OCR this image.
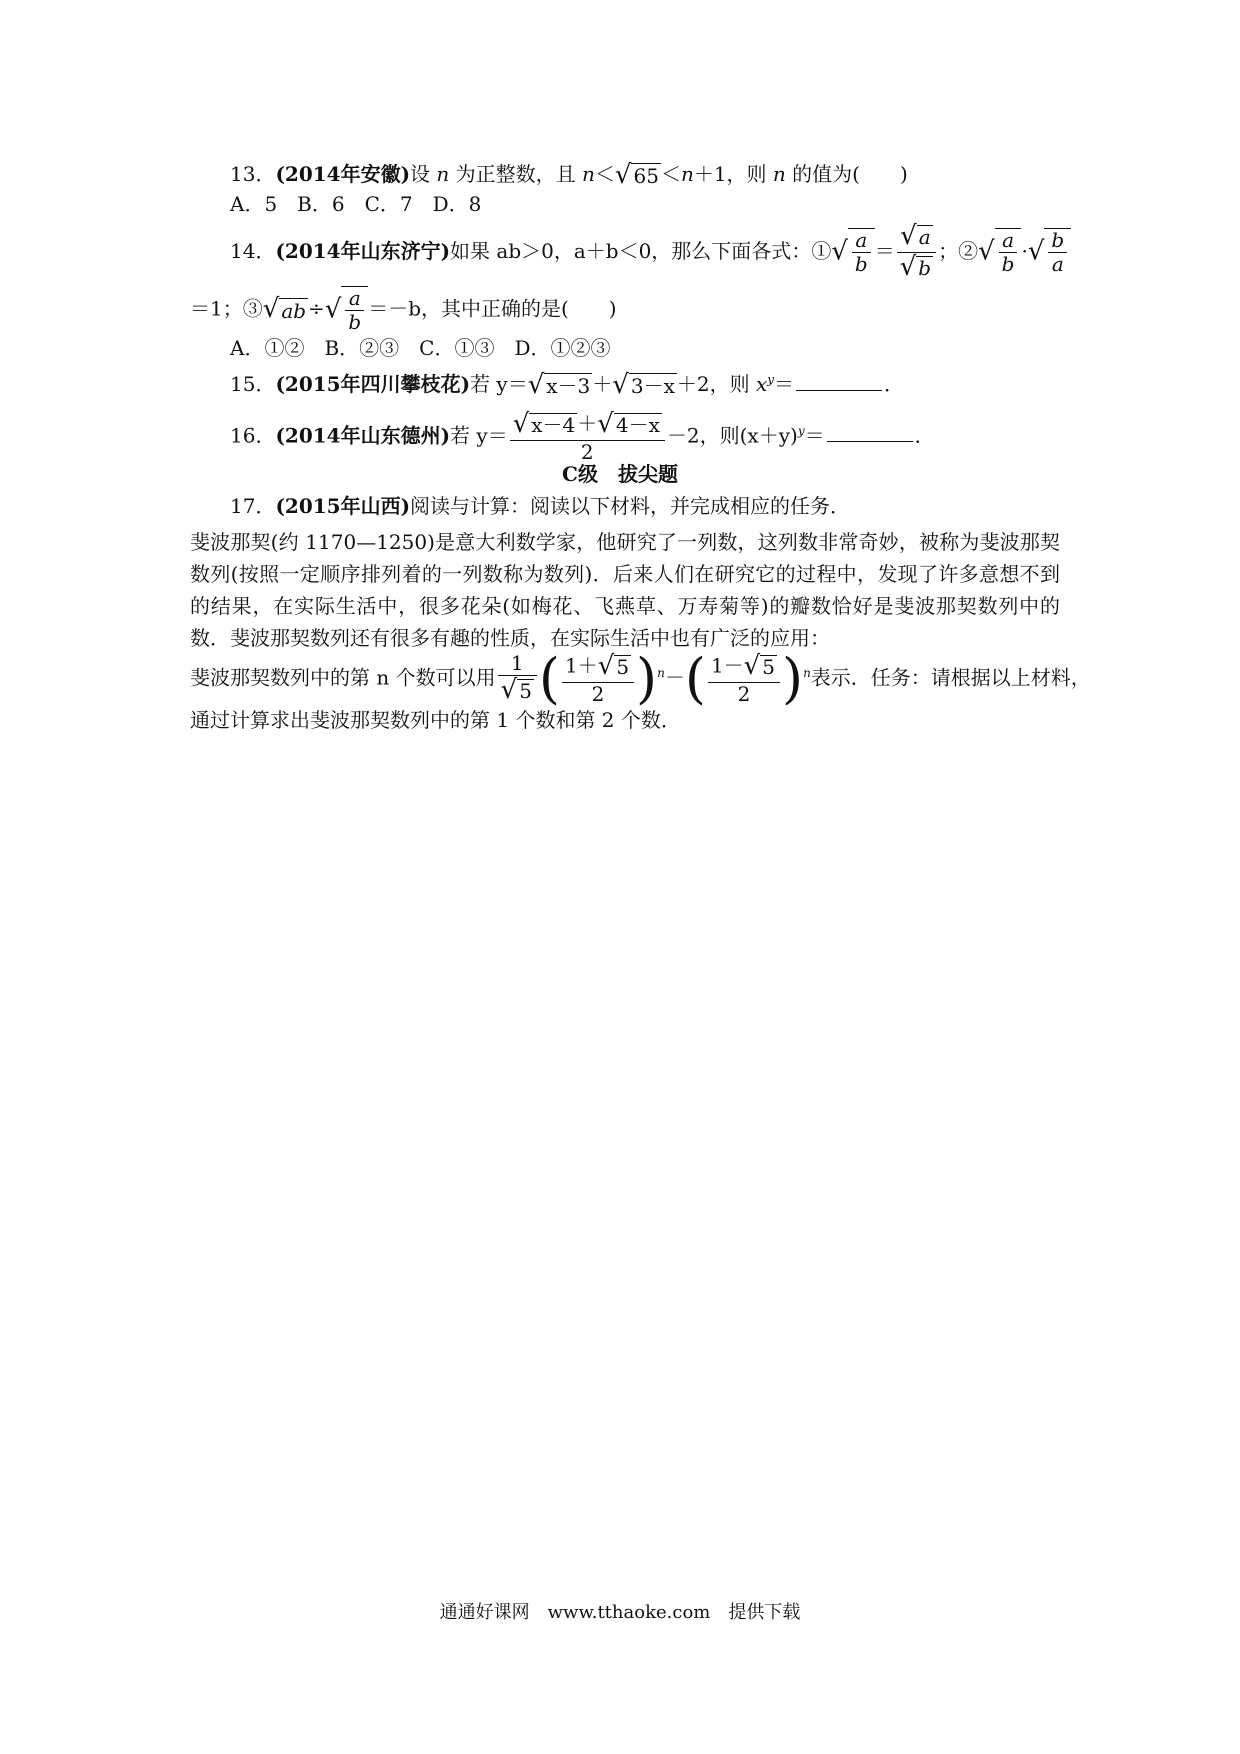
13．(2014年安徽)设 n 为正整数，且 n＜√ 65 ＜n＋1，则 n 的值为(　　)
A．5　B．6　C．7　D．8
14．(2014年山东济宁)如果 ab＞0，a＋b＜0，那么下面各式：①√ $\frac{a}{b} = \frac{√ a}{√ b}$ ；②√ $\frac{a}{b}$ ·√ $\frac{b}{a}$
＝1；③√ ab ÷√ $\frac{a}{b} =-b$，其中正确的是(　　)
A．①②　B．②③　C．①③　D．①②③
15．(2015年四川攀枝花)若 y＝√ x－3 ＋√ 3－x ＋2，则 $x^y=$	．
16．(2014年山东德州)若 $y= \frac{√ x-4 +√ 4-x}{2} -2$，则$(x+y)^y=$	．
C级　拔尖题
17．(2015年山西)阅读与计算：阅读以下材料，并完成相应的任务．
斐波那契(约 1170—1250)是意大利数学家，他研究了一列数，这列数非常奇妙，被称为斐波那契数列(按照一定顺序排列着的一列数称为数列)．后来人们在研究它的过程中，发现了许多意想不到的结果，在实际生活中，很多花朵(如梅花、飞燕草、万寿菊等)的瓣数恰好是斐波那契数列中的数．斐波那契数列还有很多有趣的性质，在实际生活中也有广泛的应用：
斐波那契数列中的第 n 个数可以用 $\frac{1}{√ 5}$ ( $\frac{1+√ 5}{2} )^n-( \frac{1-√ 5}{2} )^n$表示．任务：请根据以上材料，
通过计算求出斐波那契数列中的第 1 个数和第 2 个数．
通通好课网　www.tthaoke.com　提供下载
